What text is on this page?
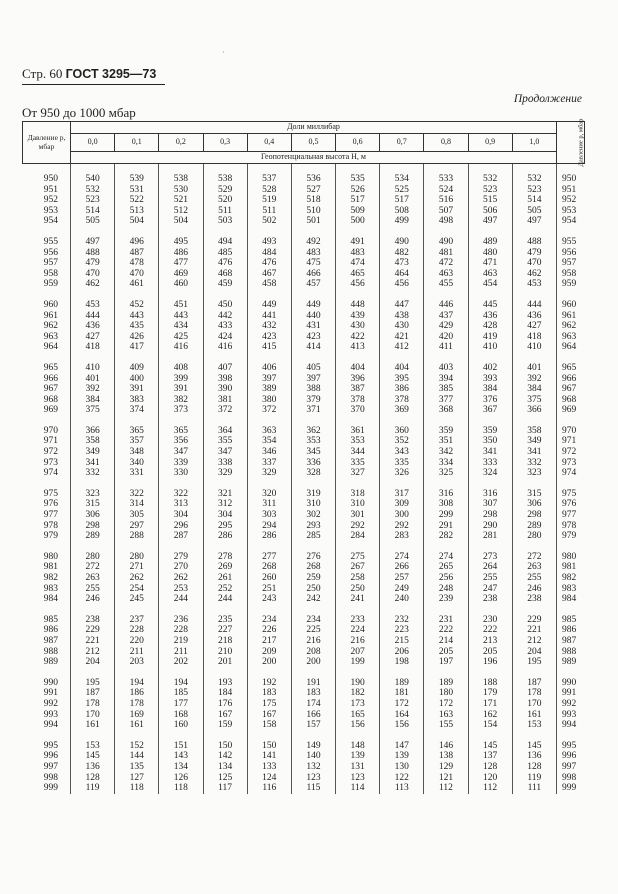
Стр. 60 ГОСТ 3295—73
Продолжение
От 950 до 1000 мбар
Давление p, мбар	Доли миллибар											Давление p, мбар
	0,0	0,1	0,2	0,3	0,4	0,5	0,6	0,7	0,8	0,9	1,0	
	Геопотенциальная высота H, м											

950	540	539	538	538	537	536	535	534	533	532	532	950
951	532	531	530	529	528	527	526	525	524	523	523	951
952	523	522	521	520	519	518	517	517	516	515	514	952
953	514	513	512	511	511	510	509	508	507	506	505	953
954	505	504	504	503	502	501	500	499	498	497	497	954

955	497	496	495	494	493	492	491	490	490	489	488	955
956	488	487	486	485	484	483	483	482	481	480	479	956
957	479	478	477	476	476	475	474	473	472	471	470	957
958	470	470	469	468	467	466	465	464	463	463	462	958
959	462	461	460	459	458	457	456	456	455	454	453	959

960	453	452	451	450	449	449	448	447	446	445	444	960
961	444	443	443	442	441	440	439	438	437	436	436	961
962	436	435	434	433	432	431	430	430	429	428	427	962
963	427	426	425	424	423	423	422	421	420	419	418	963
964	418	417	416	416	415	414	413	412	411	410	410	964

965	410	409	408	407	406	405	404	404	403	402	401	965
966	401	400	399	398	397	397	396	395	394	393	392	966
967	392	391	391	390	389	388	387	386	385	384	384	967
968	384	383	382	381	380	379	378	378	377	376	375	968
969	375	374	373	372	372	371	370	369	368	367	366	969

970	366	365	365	364	363	362	361	360	359	359	358	970
971	358	357	356	355	354	353	353	352	351	350	349	971
972	349	348	347	347	346	345	344	343	342	341	341	972
973	341	340	339	338	337	336	335	335	334	333	332	973
974	332	331	330	329	329	328	327	326	325	324	323	974

975	323	322	322	321	320	319	318	317	316	316	315	975
976	315	314	313	312	311	310	310	309	308	307	306	976
977	306	305	304	304	303	302	301	300	299	298	298	977
978	298	297	296	295	294	293	292	292	291	290	289	978
979	289	288	287	286	286	285	284	283	282	281	280	979

980	280	280	279	278	277	276	275	274	274	273	272	980
981	272	271	270	269	268	268	267	266	265	264	263	981
982	263	262	262	261	260	259	258	257	256	255	255	982
983	255	254	253	252	251	250	250	249	248	247	246	983
984	246	245	244	244	243	242	241	240	239	238	238	984

985	238	237	236	235	234	234	233	232	231	230	229	985
986	229	228	228	227	226	225	224	223	222	222	221	986
987	221	220	219	218	217	216	216	215	214	213	212	987
988	212	211	211	210	209	208	207	206	205	205	204	988
989	204	203	202	201	200	200	199	198	197	196	195	989

990	195	194	194	193	192	191	190	189	189	188	187	990
991	187	186	185	184	183	183	182	181	180	179	178	991
992	178	178	177	176	175	174	173	172	172	171	170	992
993	170	169	168	167	167	166	165	164	163	162	161	993
994	161	161	160	159	158	157	156	156	155	154	153	994

995	153	152	151	150	150	149	148	147	146	145	145	995
996	145	144	143	142	141	140	139	139	138	137	136	996
997	136	135	134	134	133	132	131	130	129	128	128	997
998	128	127	126	125	124	123	123	122	121	120	119	998
999	119	118	118	117	116	115	114	113	112	112	111	999
·
